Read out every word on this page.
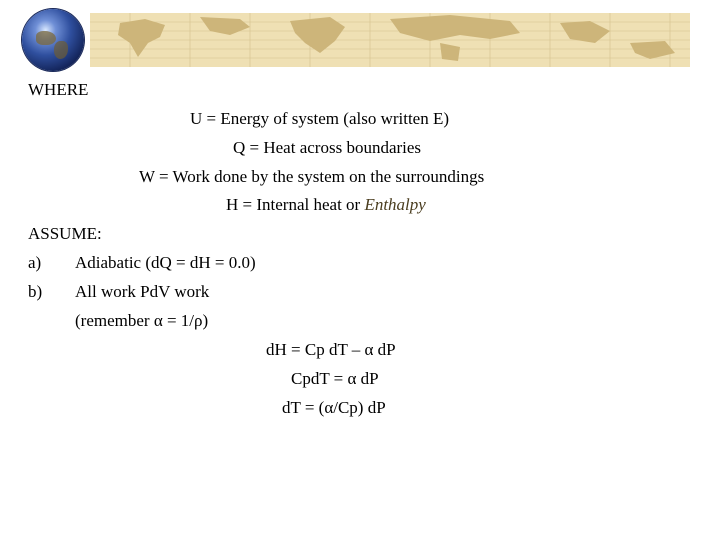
WHERE
U = Energy of system (also written E)
Q = Heat across boundaries
W = Work done by the system on the surroundings
H = Internal heat or Enthalpy
ASSUME:
a) Adiabatic (dQ = dH = 0.0)
b) All work PdV work
(remember α = 1/ρ)
dH = Cp dT – α dP
CpdT = α dP
dT = (α/Cp) dP
